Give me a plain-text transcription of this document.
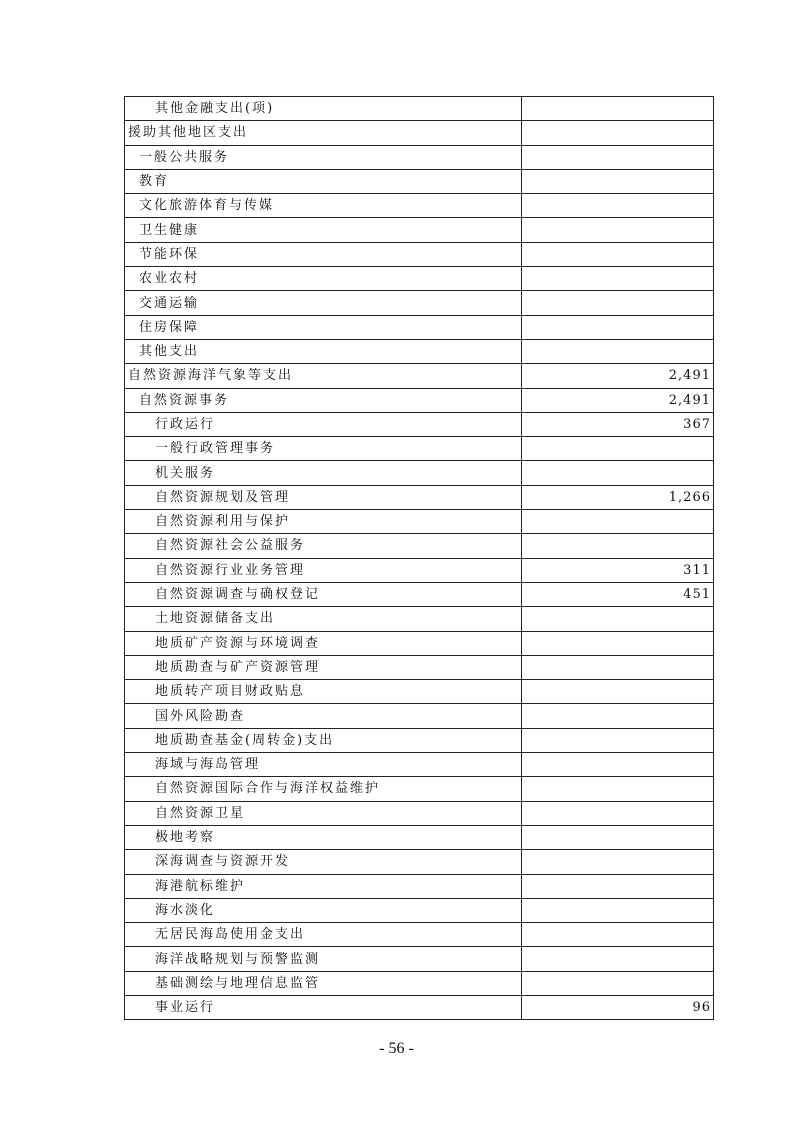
其他金融支出(项)	
援助其他地区支出	
一般公共服务	
教育	
文化旅游体育与传媒	
卫生健康	
节能环保	
农业农村	
交通运输	
住房保障	
其他支出	
自然资源海洋气象等支出	2,491
自然资源事务	2,491
行政运行	367
一般行政管理事务	
机关服务	
自然资源规划及管理	1,266
自然资源利用与保护	
自然资源社会公益服务	
自然资源行业业务管理	311
自然资源调查与确权登记	451
土地资源储备支出	
地质矿产资源与环境调查	
地质勘查与矿产资源管理	
地质转产项目财政贴息	
国外风险勘查	
地质勘查基金(周转金)支出	
海域与海岛管理	
自然资源国际合作与海洋权益维护	
自然资源卫星	
极地考察	
深海调查与资源开发	
海港航标维护	
海水淡化	
无居民海岛使用金支出	
海洋战略规划与预警监测	
基础测绘与地理信息监管	
事业运行	96
- 56 -
